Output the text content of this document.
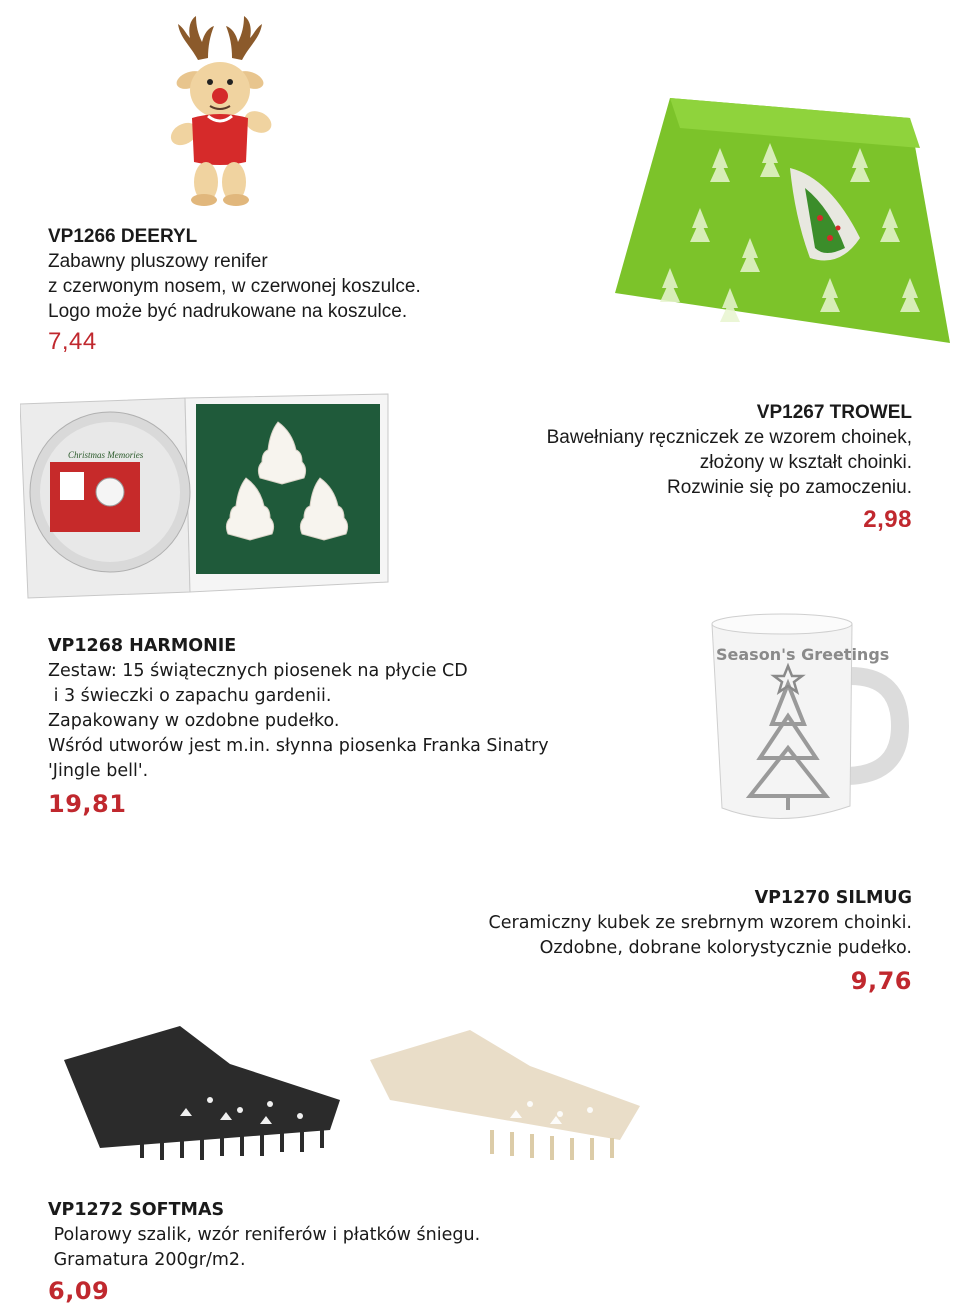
VP1266 DEERYL
Zabawny pluszowy renifer
z czerwonym nosem, w czerwonej koszulce.
Logo może być nadrukowane na koszulce.
7,44
VP1267 TROWEL
Bawełniany ręczniczek ze wzorem choinek,
złożony w kształt choinki.
Rozwinie się po zamoczeniu.
2,98
Christmas Memories
VP1268 HARMONIE
Zestaw: 15 świątecznych piosenek na płycie CD
i 3 świeczki o zapachu gardenii.
Zapakowany w ozdobne pudełko.
Wśród utworów jest m.in. słynna piosenka Franka Sinatry
'Jingle bell'.
19,81
Season's Greetings
VP1270 SILMUG
Ceramiczny kubek ze srebrnym wzorem choinki.
Ozdobne, dobrane kolorystycznie pudełko.
9,76
VP1272 SOFTMAS
Polarowy szalik, wzór reniferów i płatków śniegu.
Gramatura 200gr/m2.
6,09
